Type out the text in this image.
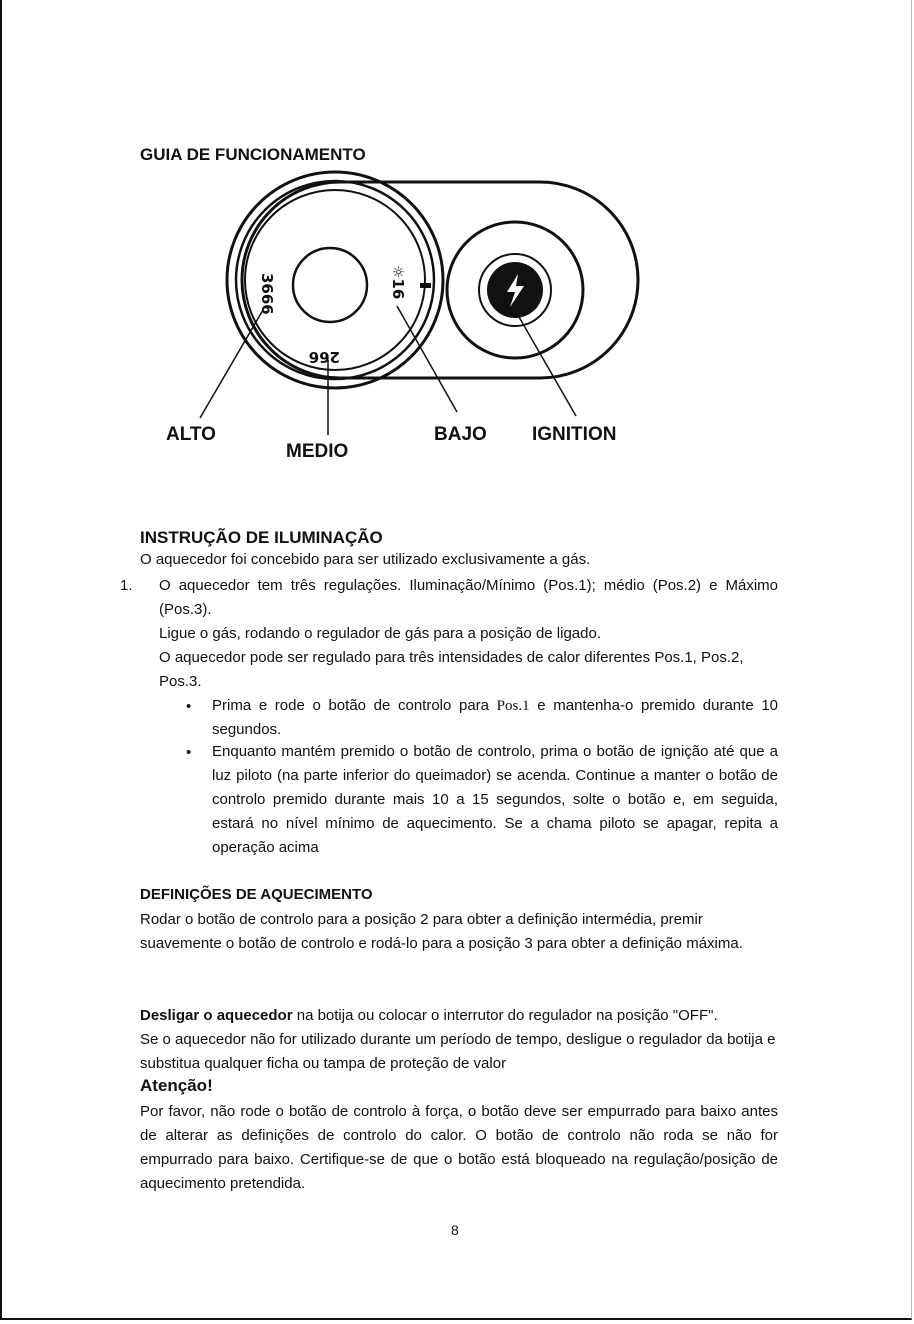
GUIA DE FUNCIONAMENTO
3666
266
☼16
ALTO
MEDIO
BAJO IGNITION
INSTRUÇÃO DE ILUMINAÇÃO
O aquecedor foi concebido para ser utilizado exclusivamente a gás.
1. O aquecedor tem três regulações. Iluminação/Mínimo (Pos.1); médio (Pos.2) e Máximo (Pos.3).
Ligue o gás, rodando o regulador de gás para a posição de ligado.
O aquecedor pode ser regulado para três intensidades de calor diferentes Pos.1, Pos.2, Pos.3.
• Prima e rode o botão de controlo para Pos.1 e mantenha-o premido durante 10 segundos.
• Enquanto mantém premido o botão de controlo, prima o botão de ignição até que a luz piloto (na parte inferior do queimador) se acenda. Continue a manter o botão de controlo premido durante mais 10 a 15 segundos, solte o botão e, em seguida, estará no nível mínimo de aquecimento. Se a chama piloto se apagar, repita a operação acima
DEFINIÇÕES DE AQUECIMENTO
Rodar o botão de controlo para a posição 2 para obter a definição intermédia, premir suavemente o botão de controlo e rodá-lo para a posição 3 para obter a definição máxima.
Desligar o aquecedor na botija ou colocar o interrutor do regulador na posição "OFF".
Se o aquecedor não for utilizado durante um período de tempo, desligue o regulador da botija e substitua qualquer ficha ou tampa de proteção de valor
Atenção!
Por favor, não rode o botão de controlo à força, o botão deve ser empurrado para baixo antes de alterar as definições de controlo do calor. O botão de controlo não roda se não for empurrado para baixo. Certifique-se de que o botão está bloqueado na regulação/posição de aquecimento pretendida.
8
